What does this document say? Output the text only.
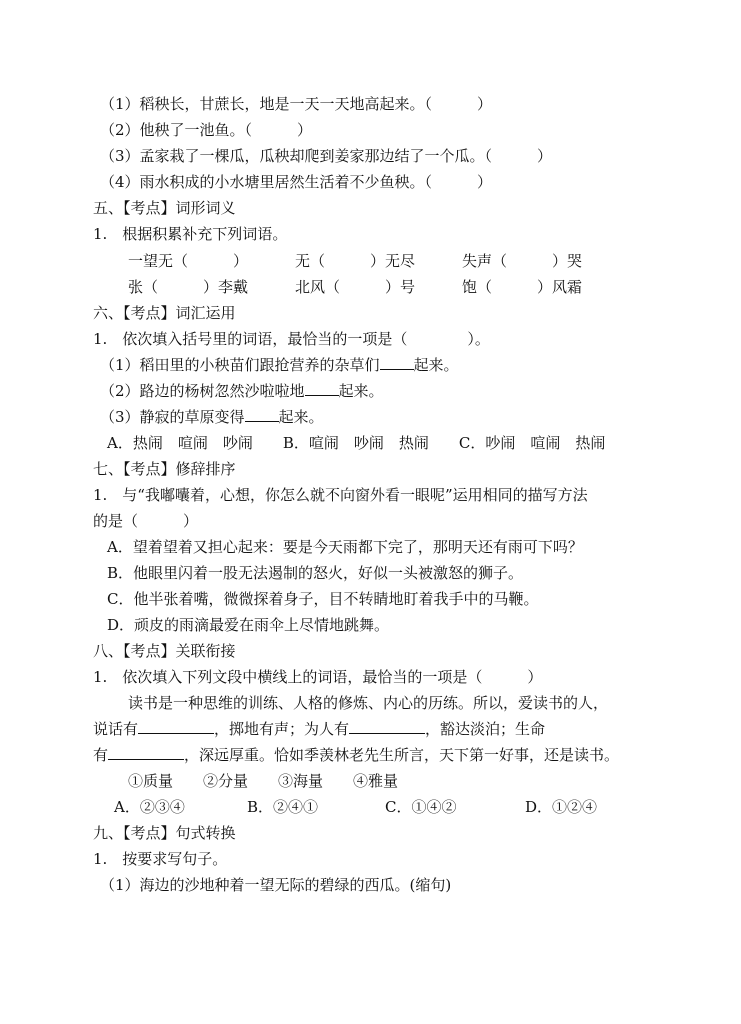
（1）稻秧长，甘蔗长，地是一天一天地高起来。（　　　）
（2）他秧了一池鱼。（　　　）
（3）孟家栽了一棵瓜，瓜秧却爬到姜家那边结了一个瓜。（　　　）
（4）雨水积成的小水塘里居然生活着不少鱼秧。（　　　）
五、【考点】词形词义
1.　根据积累补充下列词语。
一望无（　　　）	无（　　　）无尽	失声（　　　）哭
张（　　　）李戴	北风（　　　）号	饱（　　　）风霜
六、【考点】词汇运用
1.　依次填入括号里的词语，最恰当的一项是（　　　　）。
（1）稻田里的小秧苗们跟抢营养的杂草们 起来。
（2）路边的杨树忽然沙啦啦地 起来。
（3）静寂的草原变得 起来。
A．热闹　喧闹　吵闹　　B．喧闹　吵闹　热闹　　C．吵闹　喧闹　热闹
七、【考点】修辞排序
1.　与“我嘟囔着，心想，你怎么就不向窗外看一眼呢”运用相同的描写方法
的是（　　　）
A．望着望着又担心起来：要是今天雨都下完了，那明天还有雨可下吗？
B．他眼里闪着一股无法遏制的怒火，好似一头被激怒的狮子。
C．他半张着嘴，微微探着身子，目不转睛地盯着我手中的马鞭。
D．顽皮的雨滴最爱在雨伞上尽情地跳舞。
八、【考点】关联衔接
1.　依次填入下列文段中横线上的词语，最恰当的一项是（　　　）
读书是一种思维的训练、人格的修炼、内心的历练。所以，爱读书的人，
说话有	，掷地有声；为人有	，豁达淡泊；生命
有	，深远厚重。恰如季羡林老先生所言，天下第一好事，还是读书。
①质量　　②分量　　③海量　　④雅量
A．②③④	B．②④①	C．①④②	D．①②④
九、【考点】句式转换
1.　按要求写句子。
（1）海边的沙地种着一望无际的碧绿的西瓜。(缩句)
